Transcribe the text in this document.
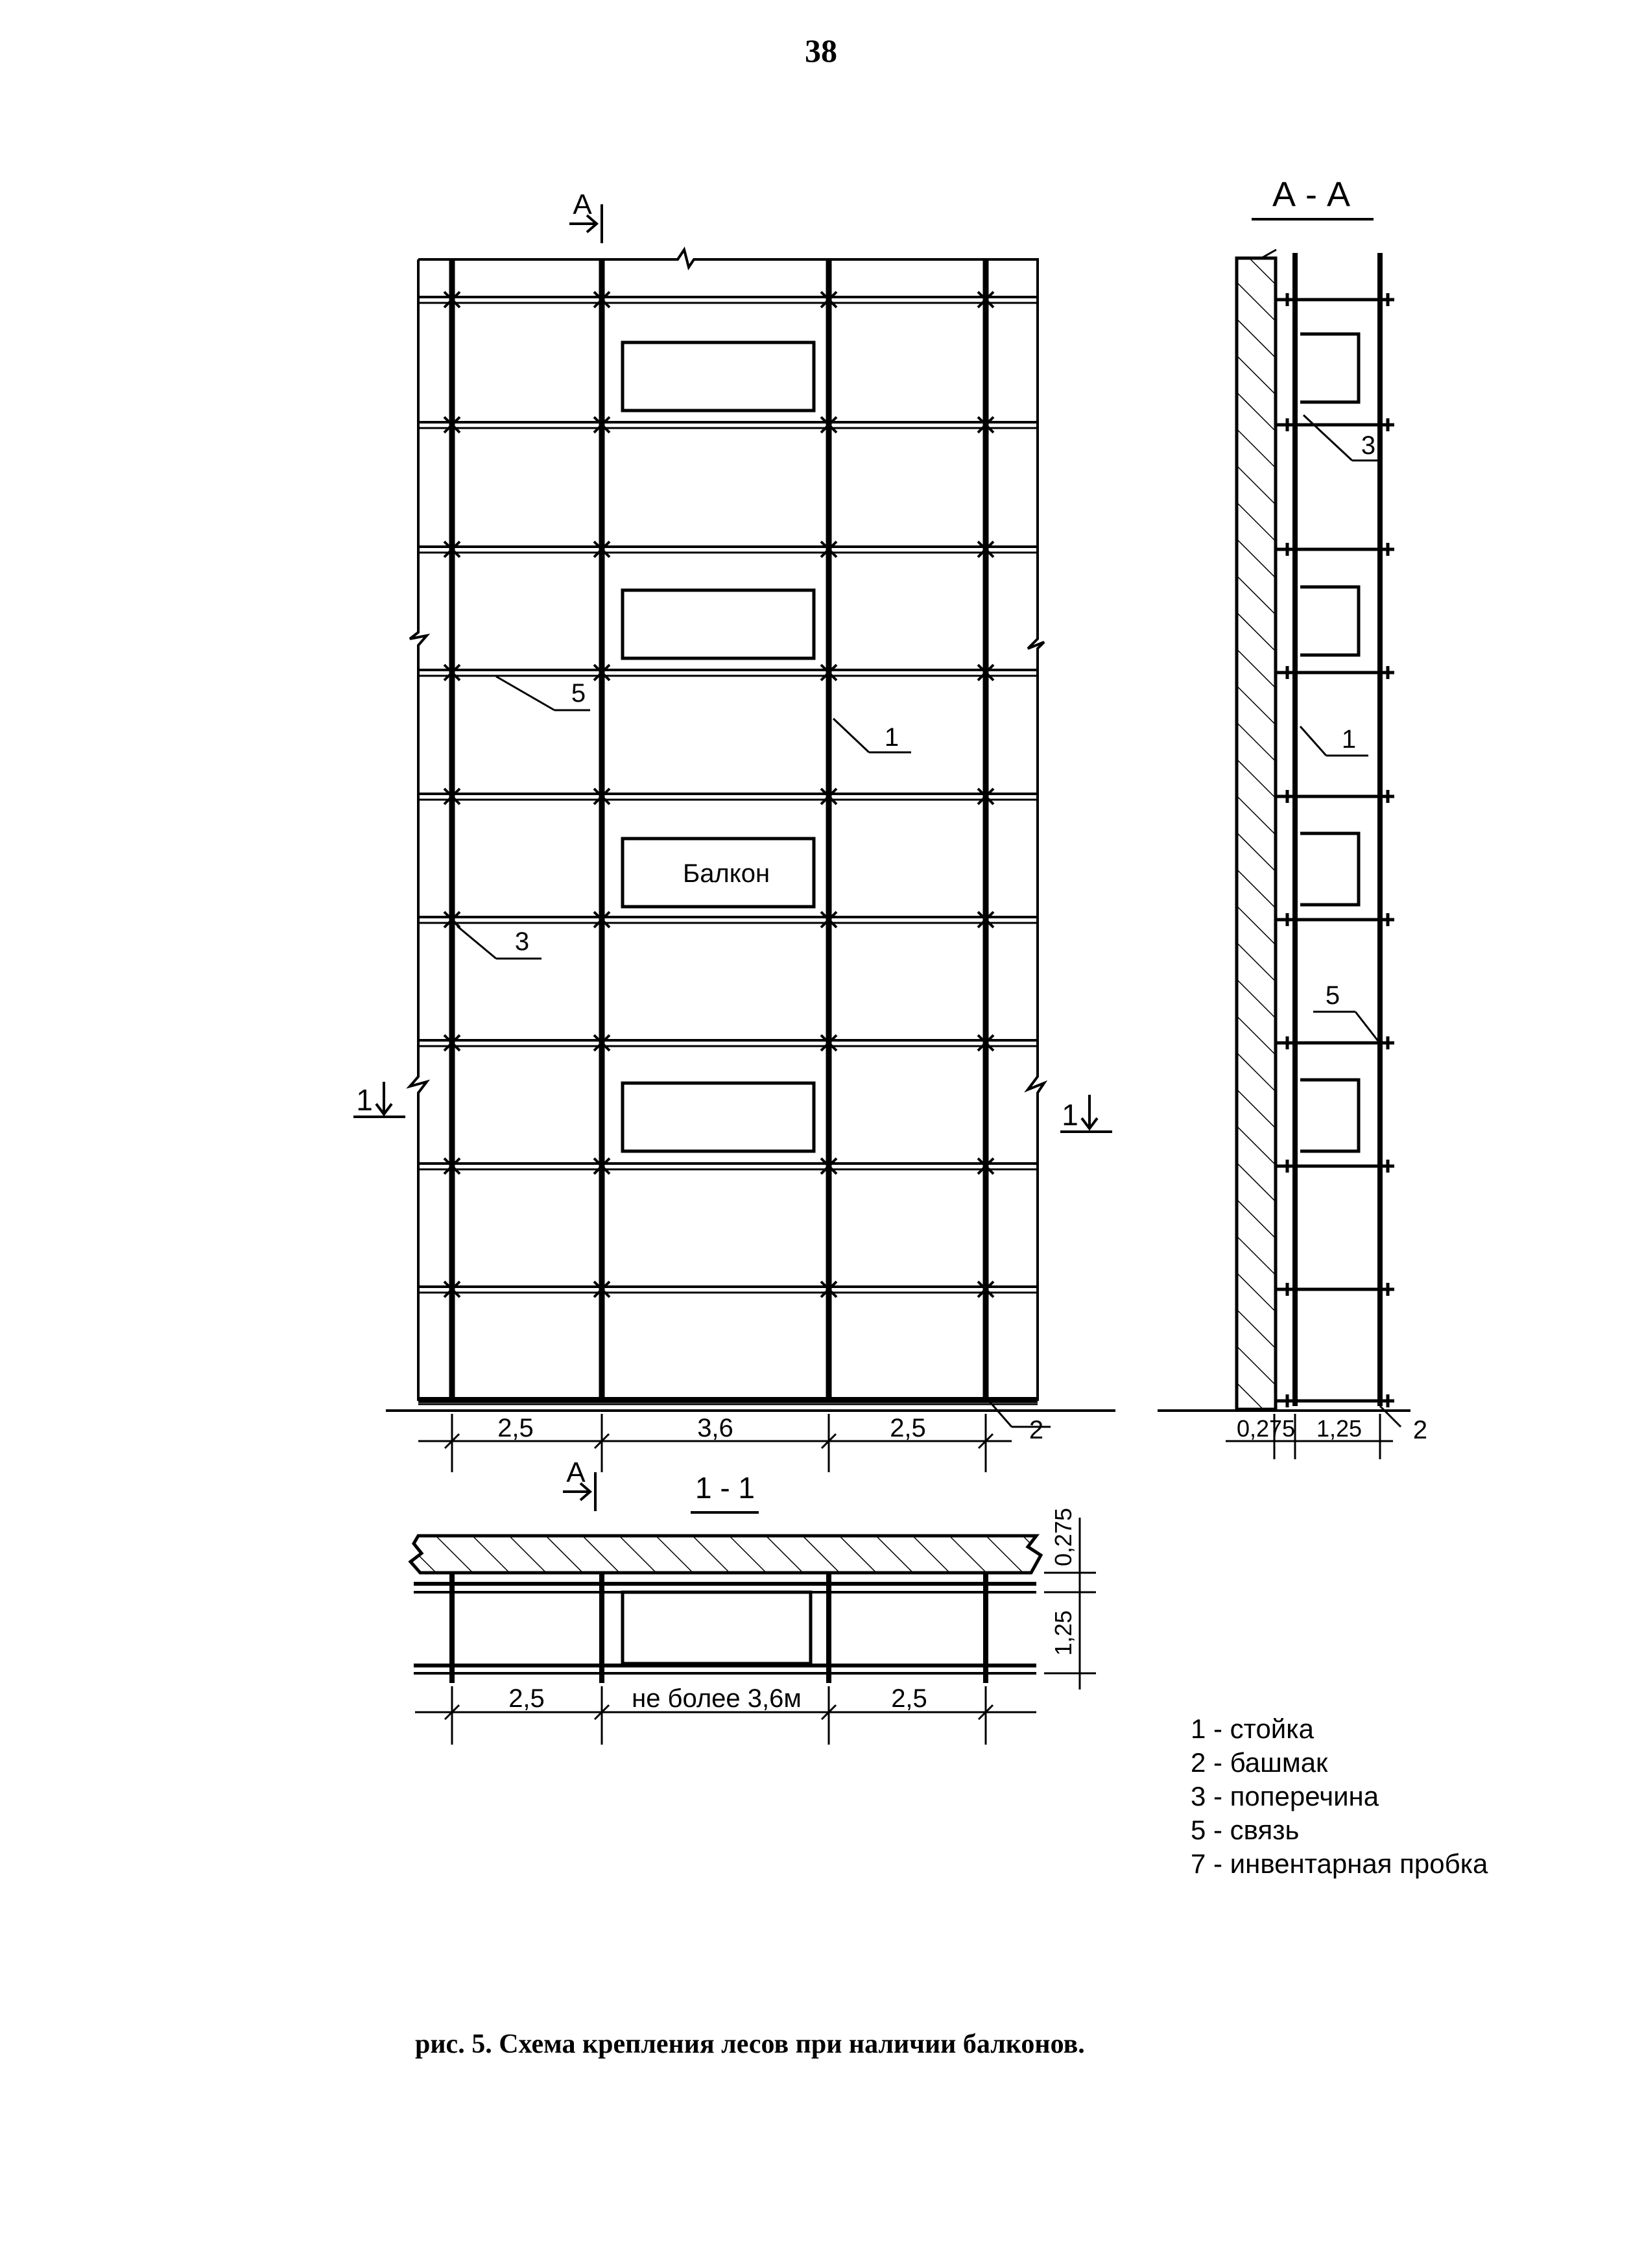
38
Балкон
A
A
1	1
5
1
3
2
2,5	3,6	2,5
А - А
3
1
5
2
0,275 1,25
1 - 1
2,5	не более 3,6м	2,5
0,275
1,25
1 - стойка
2 - башмак
3 - поперечина
5 - связь
7 - инвентарная пробка
рис. 5. Схема крепления лесов при наличии балконов.
